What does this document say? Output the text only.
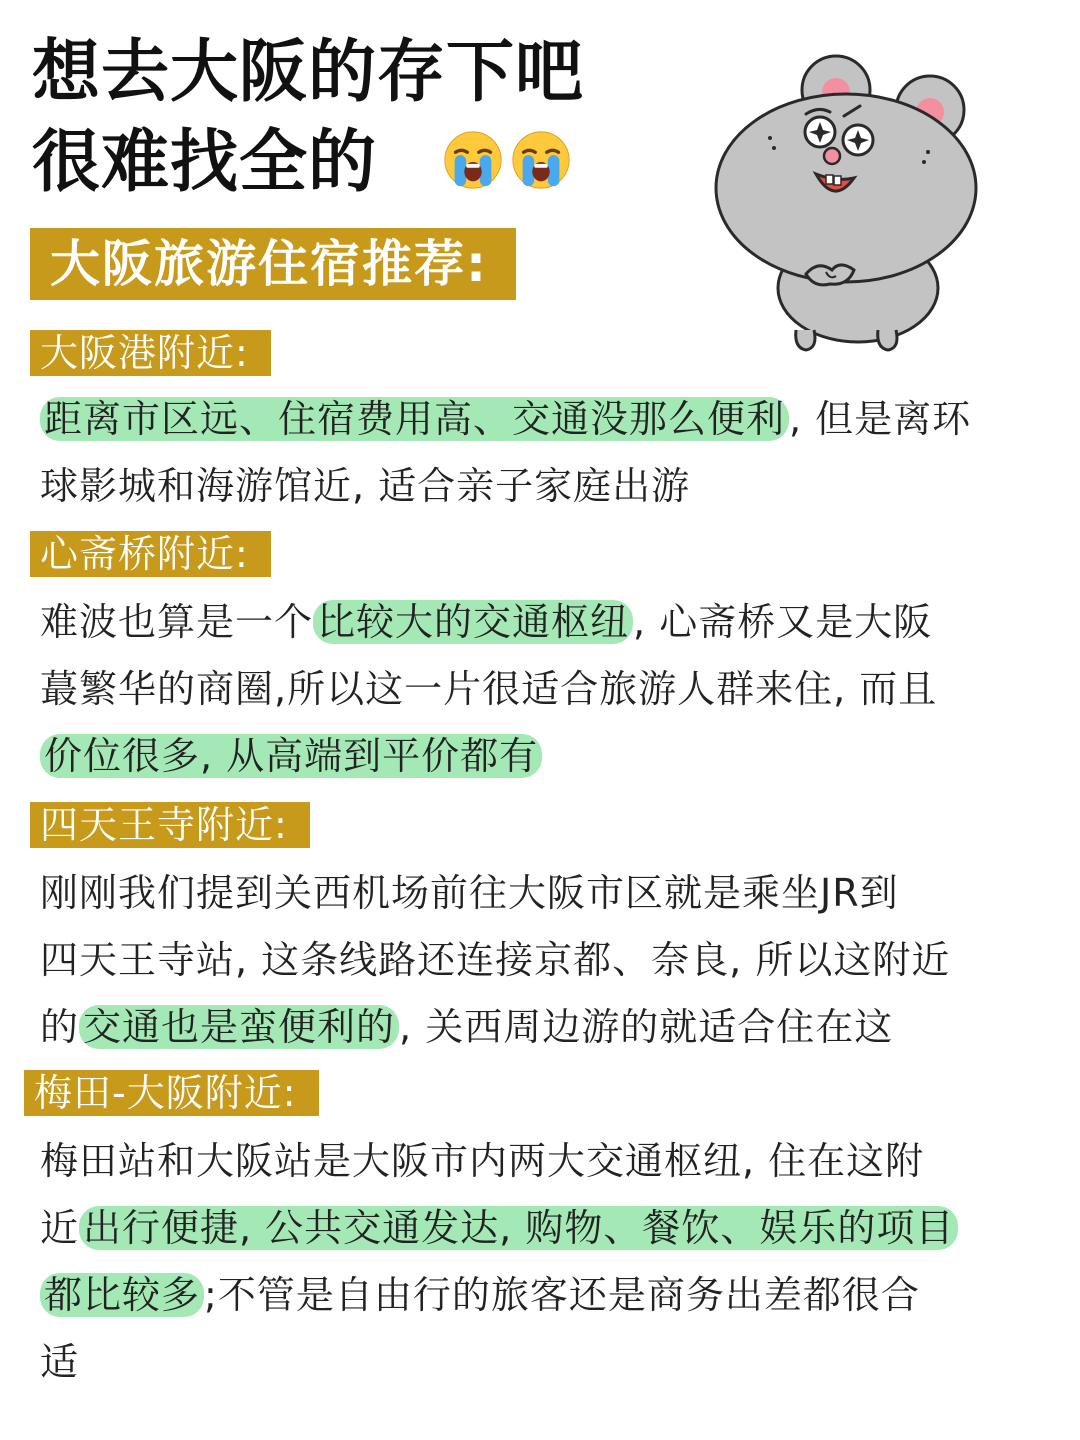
想去大阪的存下吧
很难找全的
大阪旅游住宿推荐:
大阪港附近:
距离市区远、住宿费用高、交通没那么便利 , 但是离环
球影城和海游馆近, 适合亲子家庭出游
心斋桥附近:
难波也算是一个 比较大的交通枢纽 , 心斋桥又是大阪
蕞繁华的商圈,所以这一片很适合旅游人群来住, 而且
价位很多, 从高端到平价都有
四天王寺附近:
刚刚我们提到关西机场前往大阪市区就是乘坐JR到
四天王寺站, 这条线路还连接京都、奈良, 所以这附近
的 交通也是蛮便利的 , 关西周边游的就适合住在这
梅田-大阪附近:
梅田站和大阪站是大阪市内两大交通枢纽, 住在这附
近 出行便捷, 公共交通发达, 购物、餐饮、娱乐的项目
都比较多 ;不管是自由行的旅客还是商务出差都很合
适
